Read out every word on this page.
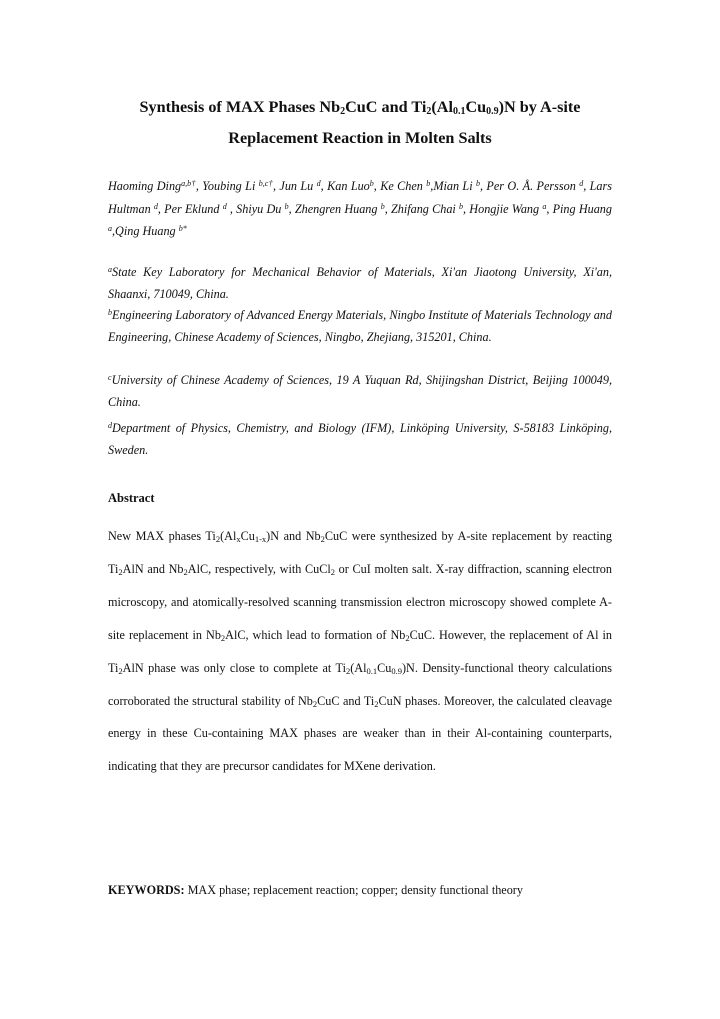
Synthesis of MAX Phases $Nb_2CuC$ and $Ti_2(Al_{0.1}Cu_{0.9})N$ by A-site
Replacement Reaction in Molten Salts
Haoming Ding$^{a,b\dagger}$, Youbing Li $^{b,c\dagger}$, Jun Lu $^d$, Kan Luo$^b$, Ke Chen $^b$,Mian Li $^b$, Per O. Å. Persson $^d$, Lars Hultman $^d$, Per Eklund $^d$ , Shiyu Du $^b$, Zhengren Huang $^b$, Zhifang Chai $^b$, Hongjie Wang $^a$, Ping Huang $^a$,Qing Huang $^{b*}$
$^a$State Key Laboratory for Mechanical Behavior of Materials, Xi'an Jiaotong University, Xi'an, Shaanxi, 710049, China.
$^b$Engineering Laboratory of Advanced Energy Materials, Ningbo Institute of Materials Technology and Engineering, Chinese Academy of Sciences, Ningbo, Zhejiang, 315201, China.
$^c$University of Chinese Academy of Sciences, 19 A Yuquan Rd, Shijingshan District, Beijing 100049, China.
$^d$Department of Physics, Chemistry, and Biology (IFM), Linköping University, S-58183 Linköping, Sweden.
Abstract
New MAX phases $Ti_2(Al_xCu_{1-x})N$ and $Nb_2CuC$ were synthesized by A-site replacement by reacting $Ti_2AlN$ and $Nb_2AlC$, respectively, with CuCl$_2$ or CuI molten salt. X-ray diffraction, scanning electron microscopy, and atomically-resolved scanning transmission electron microscopy showed complete A-site replacement in $Nb_2AlC$, which lead to formation of $Nb_2CuC$. However, the replacement of Al in $Ti_2AlN$ phase was only close to complete at $Ti_2(Al_{0.1}Cu_{0.9})N$. Density-functional theory calculations corroborated the structural stability of $Nb_2CuC$ and $Ti_2CuN$ phases. Moreover, the calculated cleavage energy in these Cu-containing MAX phases are weaker than in their Al-containing counterparts, indicating that they are precursor candidates for MXene derivation.
KEYWORDS: MAX phase; replacement reaction; copper; density functional theory
